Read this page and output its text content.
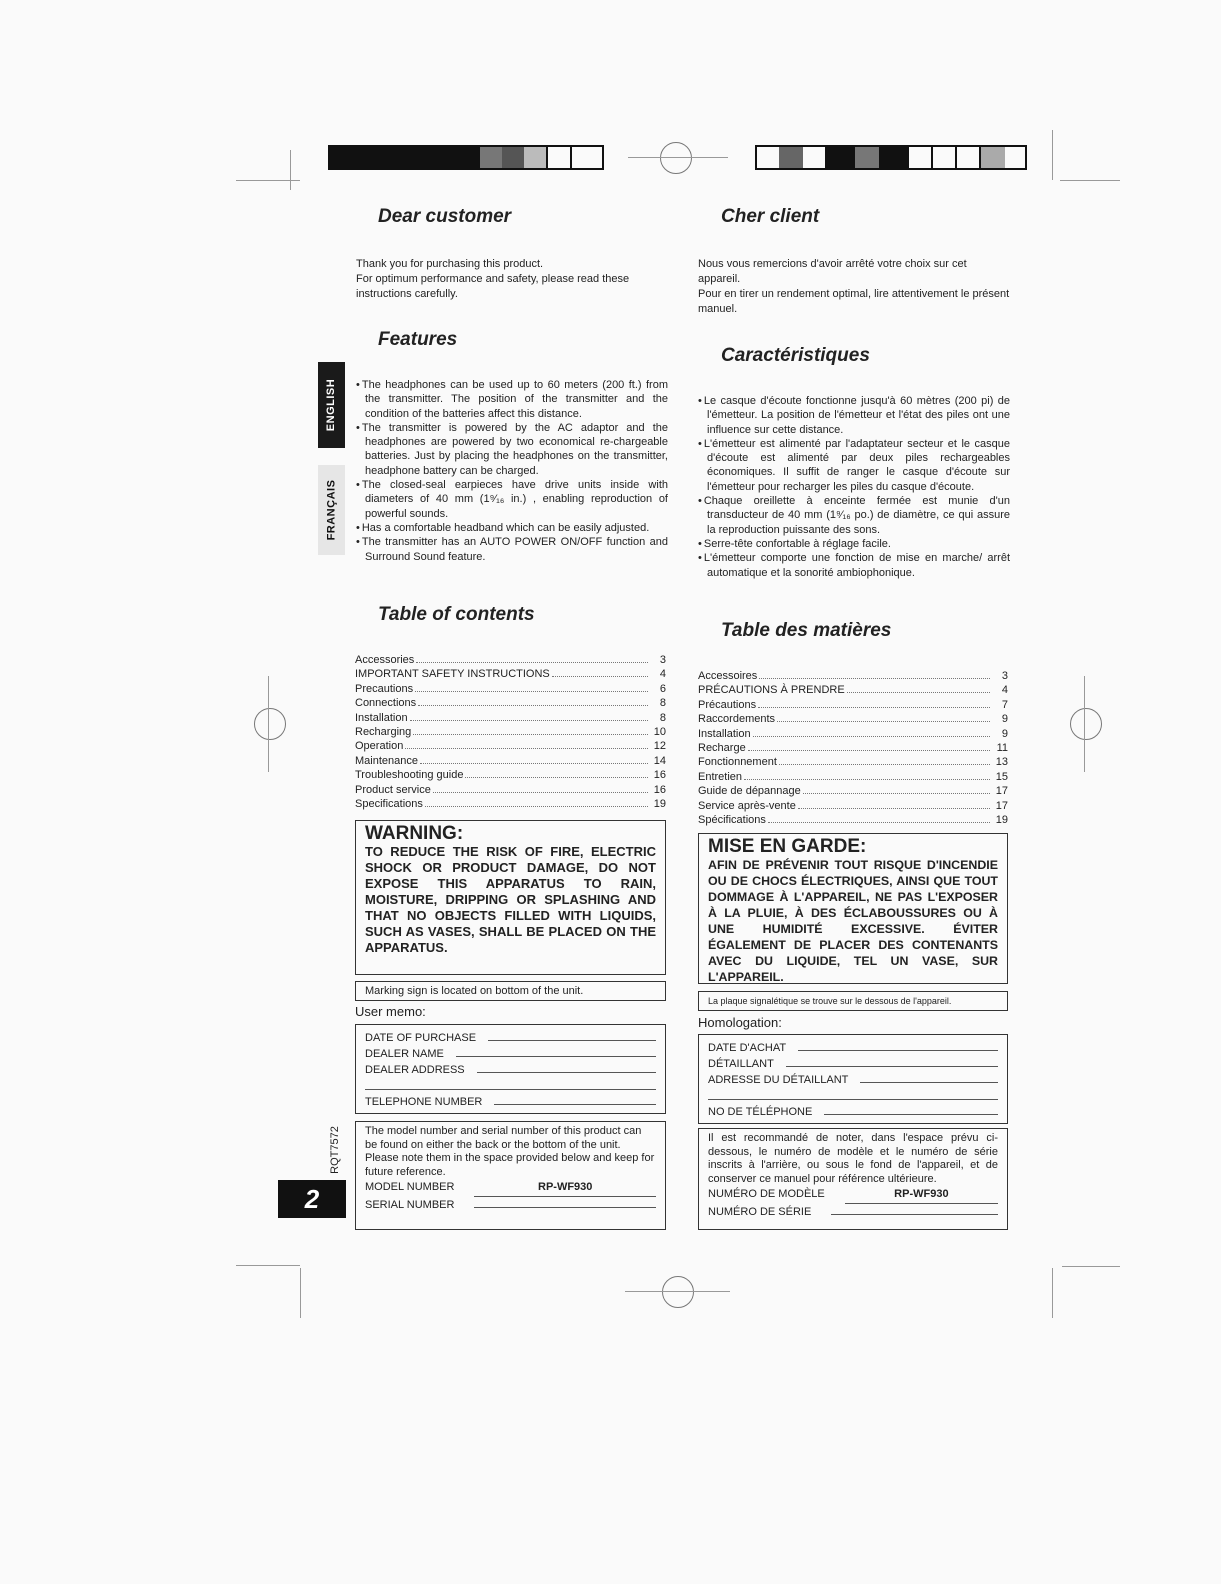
ENGLISH
FRANÇAIS
RQT7572
2
Dear customer
Thank you for purchasing this product.
For optimum performance and safety, please read these instructions carefully.
Features
• The headphones can be used up to 60 meters (200 ft.) from the transmitter. The position of the transmitter and the condition of the batteries affect this distance.
• The transmitter is powered by the AC adaptor and the headphones are powered by two economical re-chargeable batteries. Just by placing the headphones on the transmitter, headphone battery can be charged.
• The closed-seal earpieces have drive units inside with diameters of 40 mm (1⁹⁄₁₆ in.) , enabling reproduction of powerful sounds.
• Has a comfortable headband which can be easily adjusted.
• The transmitter has an AUTO POWER ON/OFF function and Surround Sound feature.
Table of contents
Accessories	3
IMPORTANT SAFETY INSTRUCTIONS	4
Precautions	6
Connections	8
Installation	8
Recharging	10
Operation	12
Maintenance	14
Troubleshooting guide	16
Product service	16
Specifications	19
WARNING:
TO REDUCE THE RISK OF FIRE, ELECTRIC SHOCK OR PRODUCT DAMAGE, DO NOT EXPOSE THIS APPARATUS TO RAIN, MOISTURE, DRIPPING OR SPLASHING AND THAT NO OBJECTS FILLED WITH LIQUIDS, SUCH AS VASES, SHALL BE PLACED ON THE APPARATUS.
Marking sign is located on bottom of the unit.
User memo:
DATE OF PURCHASE
DEALER NAME
DEALER ADDRESS
TELEPHONE NUMBER
The model number and serial number of this product can be found on either the back or the bottom of the unit.
Please note them in the space provided below and keep for future reference.
MODEL NUMBER	RP-WF930
SERIAL NUMBER
Cher client
Nous vous remercions d'avoir arrêté votre choix sur cet appareil.
Pour en tirer un rendement optimal, lire attentivement le présent manuel.
Caractéristiques
• Le casque d'écoute fonctionne jusqu'à 60 mètres (200 pi) de l'émetteur. La position de l'émetteur et l'état des piles ont une influence sur cette distance.
• L'émetteur est alimenté par l'adaptateur secteur et le casque d'écoute est alimenté par deux piles rechargeables économiques. Il suffit de ranger le casque d'écoute sur l'émetteur pour recharger les piles du casque d'écoute.
• Chaque oreillette à enceinte fermée est munie d'un transducteur de 40 mm (1⁹⁄₁₆ po.) de diamètre, ce qui assure la reproduction puissante des sons.
• Serre-tête confortable à réglage facile.
• L'émetteur comporte une fonction de mise en marche/ arrêt automatique et la sonorité ambiophonique.
Table des matières
Accessoires	3
PRÉCAUTIONS À PRENDRE	4
Précautions	7
Raccordements	9
Installation	9
Recharge	11
Fonctionnement	13
Entretien	15
Guide de dépannage	17
Service après-vente	17
Spécifications	19
MISE EN GARDE:
AFIN DE PRÉVENIR TOUT RISQUE D'INCENDIE OU DE CHOCS ÉLECTRIQUES, AINSI QUE TOUT DOMMAGE À L'APPAREIL, NE PAS L'EXPOSER À LA PLUIE, À DES ÉCLABOUSSURES OU À UNE HUMIDITÉ EXCESSIVE. ÉVITER ÉGALEMENT DE PLACER DES CONTENANTS AVEC DU LIQUIDE, TEL UN VASE, SUR L'APPAREIL.
La plaque signalétique se trouve sur le dessous de l'appareil.
Homologation:
DATE D'ACHAT
DÉTAILLANT
ADRESSE DU DÉTAILLANT
NO DE TÉLÉPHONE
Il est recommandé de noter, dans l'espace prévu ci-dessous, le numéro de modèle et le numéro de série inscrits à l'arrière, ou sous le fond de l'appareil, et de conserver ce manuel pour référence ultérieure.
NUMÉRO DE MODÈLE	RP-WF930
NUMÉRO DE SÉRIE
